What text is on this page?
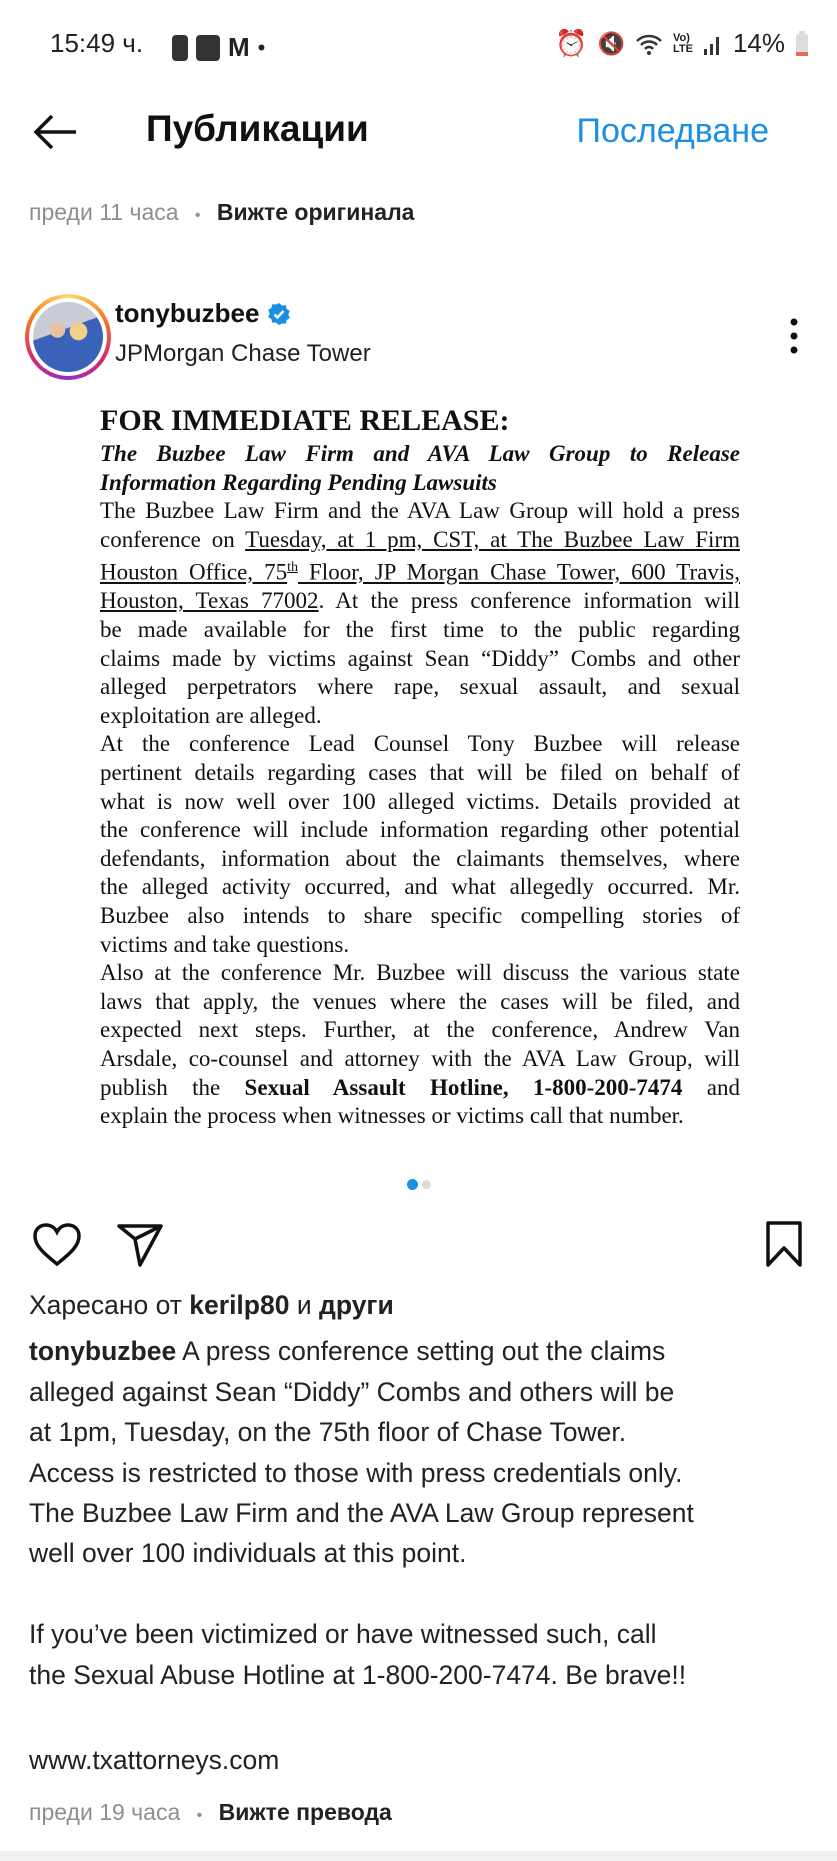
15:49 ч.	M •	⏰ 🔇	Vo)
LTE 14%
Публикации	Последване
преди 11 часа • Вижте оригинала
tonybuzbee
JPMorgan Chase Tower
FOR IMMEDIATE RELEASE:
The Buzbee Law Firm and AVA Law Group to Release
Information Regarding Pending Lawsuits
The Buzbee Law Firm and the AVA Law Group will hold a press
conference on Tuesday, at 1 pm, CST, at The Buzbee Law Firm
Houston Office, 75th Floor, JP Morgan Chase Tower, 600 Travis,
Houston, Texas 77002. At the press conference information will
be made available for the first time to the public regarding
claims made by victims against Sean “Diddy” Combs and other
alleged perpetrators where rape, sexual assault, and sexual
exploitation are alleged.
At the conference Lead Counsel Tony Buzbee will release
pertinent details regarding cases that will be filed on behalf of
what is now well over 100 alleged victims. Details provided at
the conference will include information regarding other potential
defendants, information about the claimants themselves, where
the alleged activity occurred, and what allegedly occurred. Mr.
Buzbee also intends to share specific compelling stories of
victims and take questions.
Also at the conference Mr. Buzbee will discuss the various state
laws that apply, the venues where the cases will be filed, and
expected next steps. Further, at the conference, Andrew Van
Arsdale, co-counsel and attorney with the AVA Law Group, will
publish the Sexual Assault Hotline, 1-800-200-7474 and
explain the process when witnesses or victims call that number.
Харесано от kerilp80 и други
tonybuzbee A press conference setting out the claims
alleged against Sean “Diddy” Combs and others will be
at 1pm, Tuesday, on the 75th floor of Chase Tower.
Access is restricted to those with press credentials only.
The Buzbee Law Firm and the AVA Law Group represent
well over 100 individuals at this point.
If you’ve been victimized or have witnessed such, call
the Sexual Abuse Hotline at 1-800-200-7474. Be brave!!
www.txattorneys.com
преди 19 часа • Вижте превода
